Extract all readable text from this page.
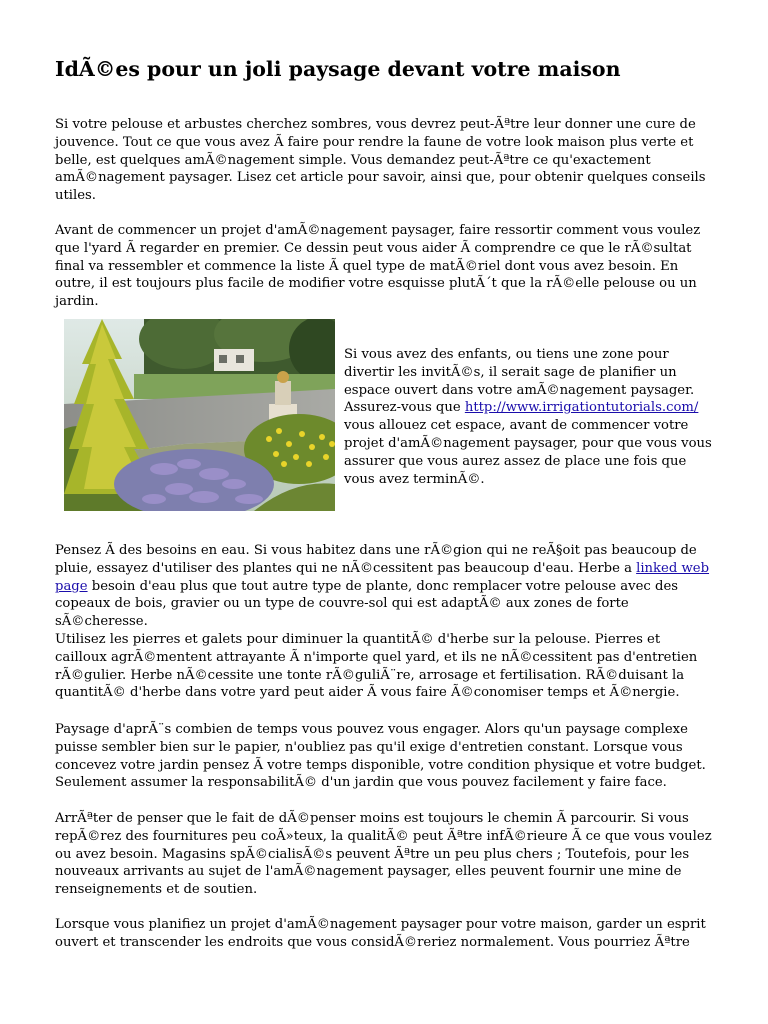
IdÃ©es pour un joli paysage devant votre maison

Si votre pelouse et arbustes cherchez sombres, vous devrez peut-Ãªtre leur donner une cure de jouvence. Tout ce que vous avez Ã faire pour rendre la faune de votre look maison plus verte et belle, est quelques amÃ©nagement simple. Vous demandez peut-Ãªtre ce qu'exactement amÃ©nagement paysager. Lisez cet article pour savoir, ainsi que, pour obtenir quelques conseils utiles.

Avant de commencer un projet d'amÃ©nagement paysager, faire ressortir comment vous voulez que l'yard Ã regarder en premier. Ce dessin peut vous aider Ã comprendre ce que le rÃ©sultat final va ressembler et commence la liste Ã quel type de matÃ©riel dont vous avez besoin. En outre, il est toujours plus facile de modifier votre esquisse plutÃ´t que la rÃ©elle pelouse ou un jardin.

Pensez Ã des besoins en eau. Si vous habitez dans une rÃ©gion qui ne reÃ§oit pas beaucoup de pluie, essayez d'utiliser des plantes qui ne nÃ©cessitent pas beaucoup d'eau. Herbe a linked web page besoin d'eau plus que tout autre type de plante, donc remplacer votre pelouse avec des copeaux de bois, gravier ou un type de couvre-sol qui est adaptÃ© aux zones de forte sÃ©cheresse.

Utilisez les pierres et galets pour diminuer la quantitÃ© d'herbe sur la pelouse. Pierres et cailloux agrÃ©mentent attrayante Ã n'importe quel yard, et ils ne nÃ©cessitent pas d'entretien rÃ©gulier. Herbe nÃ©cessite une tonte rÃ©guliÃ¨re, arrosage et fertilisation. RÃ©duisant la quantitÃ© d'herbe dans votre yard peut aider Ã vous faire Ã©conomiser temps et Ã©nergie.

Paysage d'aprÃ¨s combien de temps vous pouvez vous engager. Alors qu'un paysage complexe puisse sembler bien sur le papier, n'oubliez pas qu'il exige d'entretien constant. Lorsque vous concevez votre jardin pensez Ã votre temps disponible, votre condition physique et votre budget. Seulement assumer la responsabilitÃ© d'un jardin que vous pouvez facilement y faire face.

ArrÃªter de penser que le fait de dÃ©penser moins est toujours le chemin Ã parcourir. Si vous repÃ©rez des fournitures peu coÃ»teux, la qualitÃ© peut Ãªtre infÃ©rieure Ã ce que vous voulez ou avez besoin. Magasins spÃ©cialisÃ©s peuvent Ãªtre un peu plus chers ; Toutefois, pour les nouveaux arrivants au sujet de l'amÃ©nagement paysager, elles peuvent fournir une mine de renseignements et de soutien.

Lorsque vous planifiez un projet d'amÃ©nagement paysager pour votre maison, garder un esprit ouvert et transcender les endroits que vous considÃ©reriez normalement. Vous pourriez Ãªtre

Si vous avez des enfants, ou tiens une zone pour divertir les invitÃ©s, il serait sage de planifier un espace ouvert dans votre amÃ©nagement paysager. Assurez-vous que http://www.irrigationtutorials.com/ vous allouez cet espace, avant de commencer votre projet d'amÃ©nagement paysager, pour que vous vous assurer que vous aurez assez de place une fois que vous avez terminÃ©.
